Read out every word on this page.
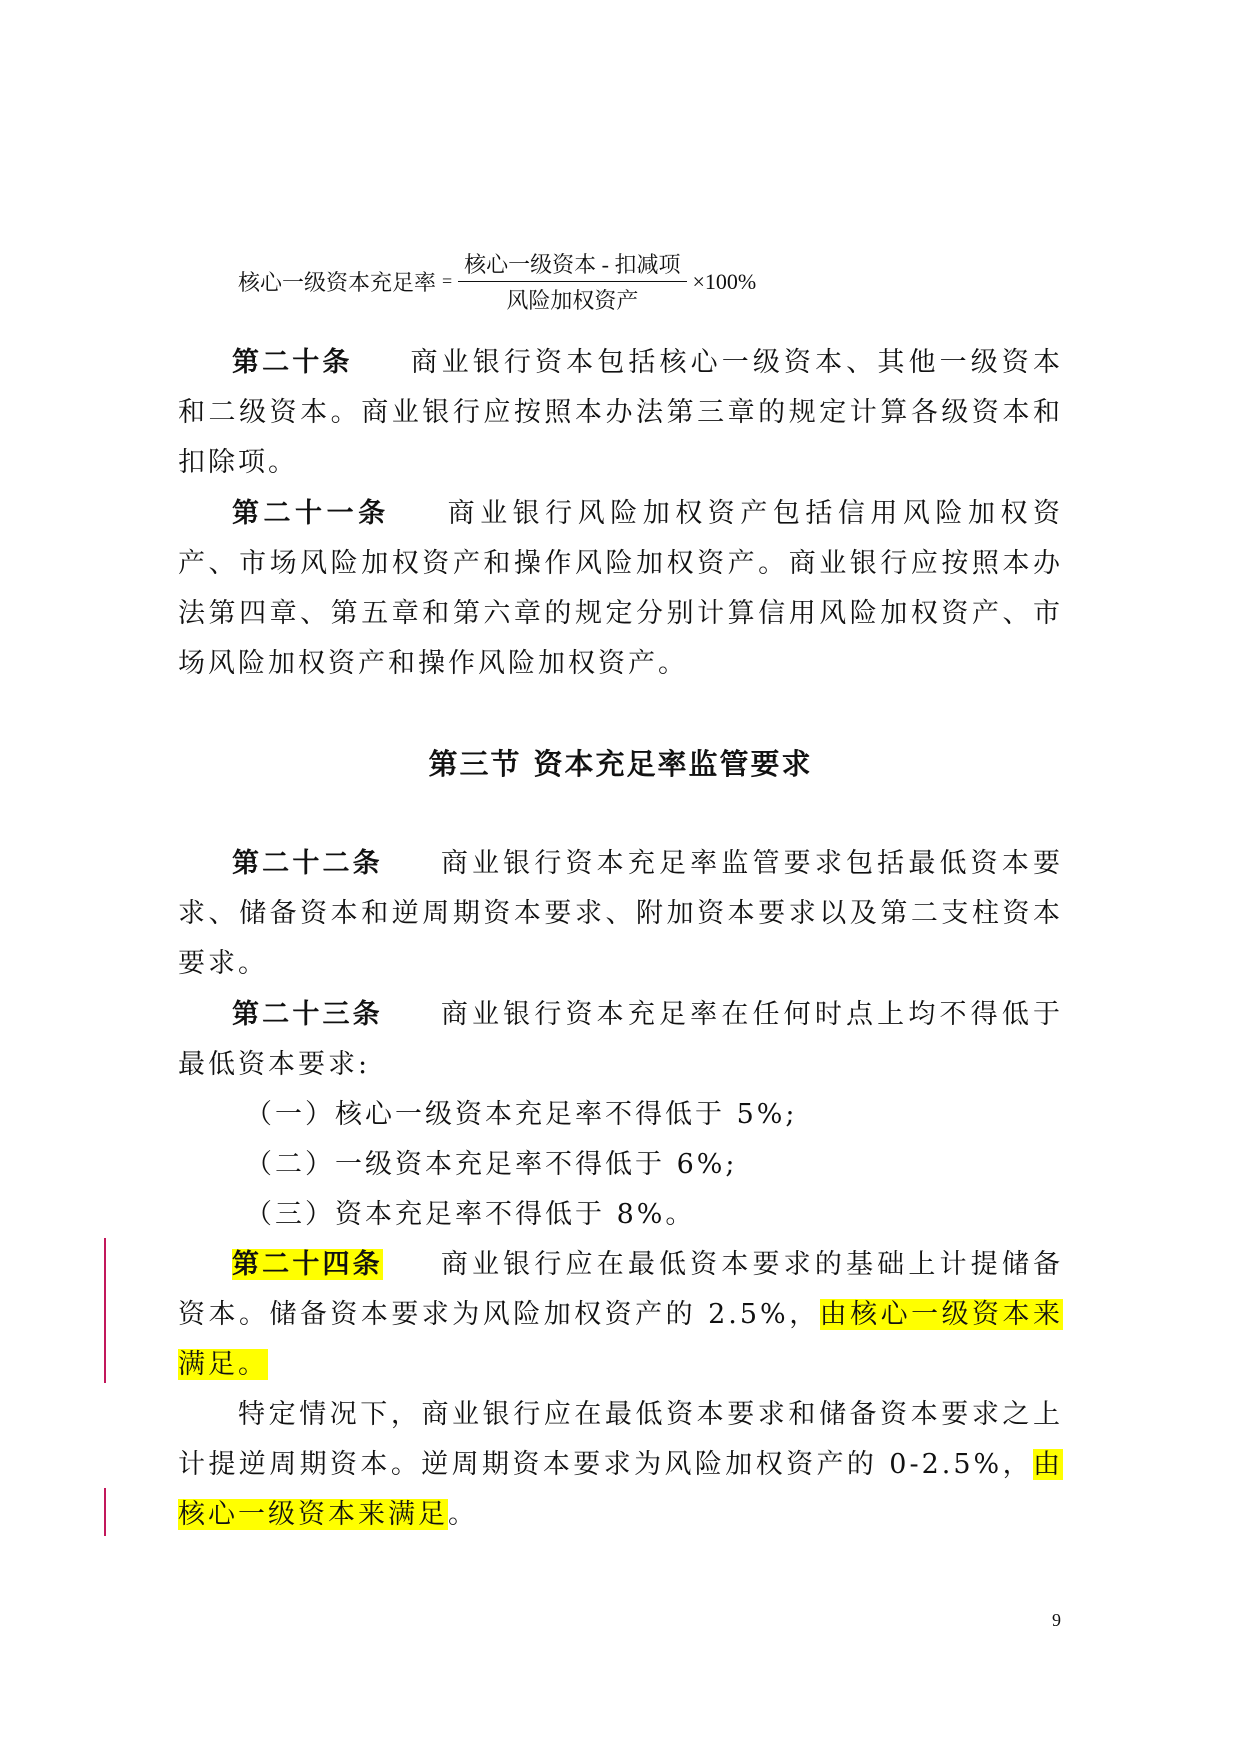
核心一级资本充足率 = $\frac{\text{核心一级资本 - 扣减项}}{\text{风险加权资产}} \times 100\%$
第二十条 商业银行资本包括核心一级资本、其他一级资本和二级资本。商业银行应按照本办法第三章的规定计算各级资本和扣除项。
第二十一条 商业银行风险加权资产包括信用风险加权资产、市场风险加权资产和操作风险加权资产。商业银行应按照本办法第四章、第五章和第六章的规定分别计算信用风险加权资产、市场风险加权资产和操作风险加权资产。
第三节 资本充足率监管要求
第二十二条 商业银行资本充足率监管要求包括最低资本要求、储备资本和逆周期资本要求、附加资本要求以及第二支柱资本要求。
第二十三条 商业银行资本充足率在任何时点上均不得低于最低资本要求:
（一）核心一级资本充足率不得低于 5%;
（二）一级资本充足率不得低于 6%;
（三）资本充足率不得低于 8%。
第二十四条 商业银行应在最低资本要求的基础上计提储备资本。储备资本要求为风险加权资产的 2.5%，由核心一级资本来满足。
特定情况下，商业银行应在最低资本要求和储备资本要求之上计提逆周期资本。逆周期资本要求为风险加权资产的 0-2.5%，由核心一级资本来满足。
9
